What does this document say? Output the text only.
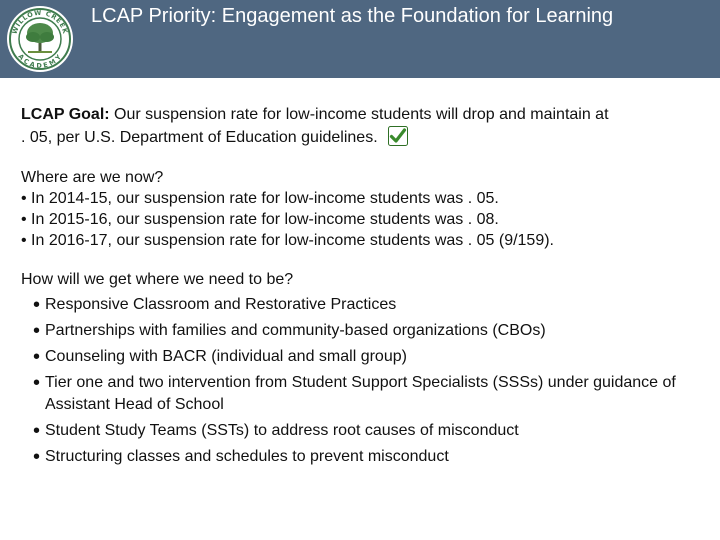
WILLOW CREEK
ACADEMY
LCAP Priority: Engagement as the Foundation for Learning
LCAP Goal: Our suspension rate for low-income students will drop and maintain at
. 05, per U.S. Department of Education guidelines.
Where are we now?
• In 2014-15, our suspension rate for low-income students was . 05.
• In 2015-16, our suspension rate for low-income students was . 08.
• In 2016-17, our suspension rate for low-income students was . 05 (9/159).
How will we get where we need to be?
• Responsive Classroom and Restorative Practices
• Partnerships with families and community-based organizations (CBOs)
• Counseling with BACR (individual and small group)
• Tier one and two intervention from Student Support Specialists (SSSs) under guidance of Assistant Head of School
• Student Study Teams (SSTs) to address root causes of misconduct
• Structuring classes and schedules to prevent misconduct
